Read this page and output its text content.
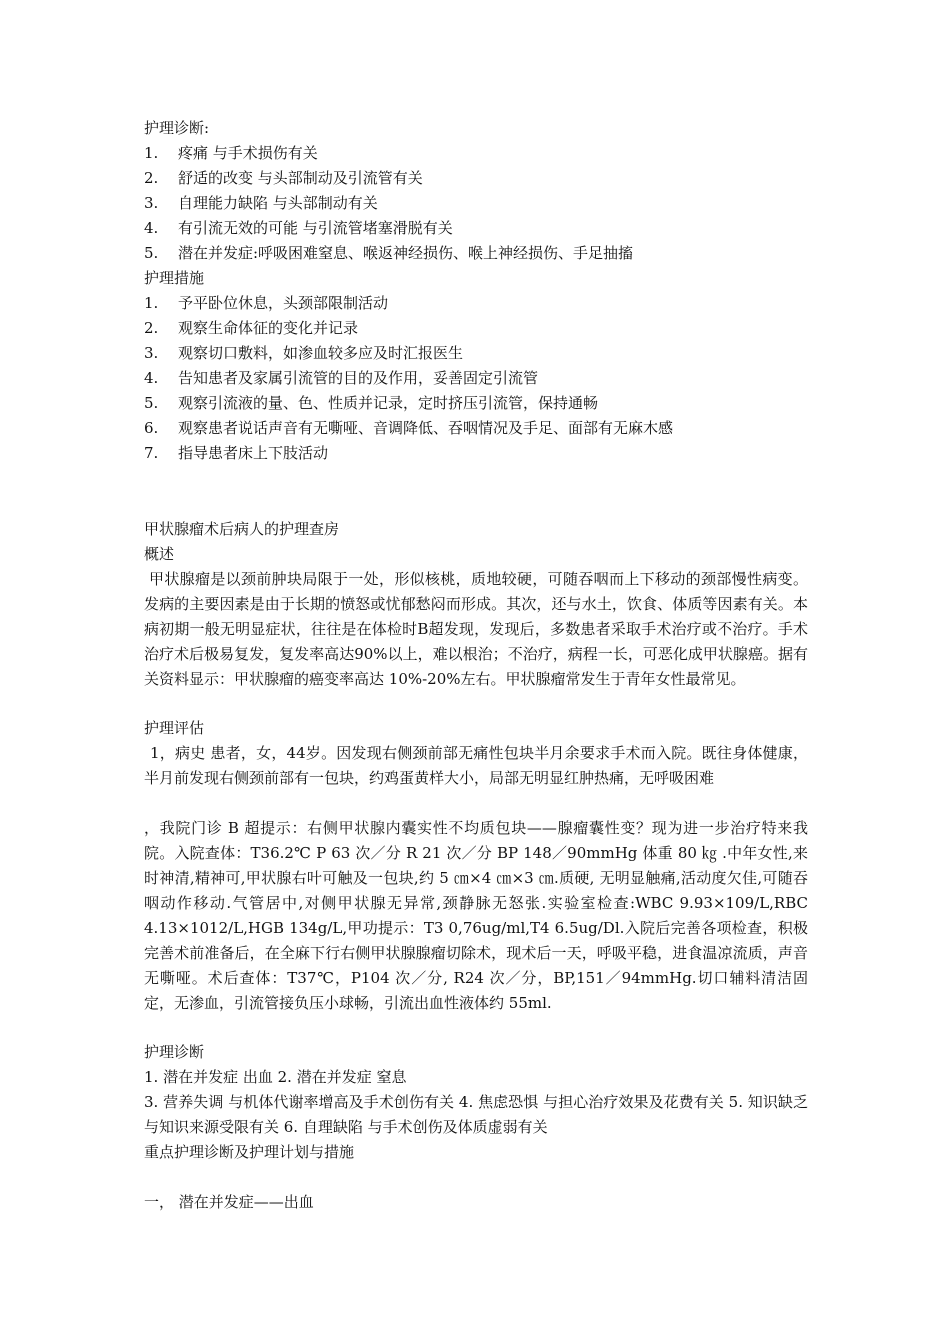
护理诊断:
1. 疼痛 与手术损伤有关
2. 舒适的改变 与头部制动及引流管有关
3. 自理能力缺陷 与头部制动有关
4. 有引流无效的可能 与引流管堵塞滑脱有关
5. 潜在并发症:呼吸困难窒息、喉返神经损伤、喉上神经损伤、手足抽搐
护理措施
1. 予平卧位休息，头颈部限制活动
2. 观察生命体征的变化并记录
3. 观察切口敷料，如渗血较多应及时汇报医生
4. 告知患者及家属引流管的目的及作用，妥善固定引流管
5. 观察引流液的量、色、性质并记录，定时挤压引流管，保持通畅
6. 观察患者说话声音有无嘶哑、音调降低、吞咽情况及手足、面部有无麻木感
7. 指导患者床上下肢活动
甲状腺瘤术后病人的护理查房
概述
甲状腺瘤是以颈前肿块局限于一处，形似核桃，质地较硬，可随吞咽而上下移动的颈部慢性病变。发病的主要因素是由于长期的愤怒或忧郁愁闷而形成。其次，还与水土，饮食、体质等因素有关。本病初期一般无明显症状，往往是在体检时B超发现，发现后，多数患者采取手术治疗或不治疗。手术治疗术后极易复发，复发率高达90%以上，难以根治；不治疗，病程一长，可恶化成甲状腺癌。据有关资料显示：甲状腺瘤的癌变率高达 10%-20%左右。甲状腺瘤常发生于青年女性最常见。
护理评估
1，病史 患者，女，44岁。因发现右侧颈前部无痛性包块半月余要求手术而入院。既往身体健康，半月前发现右侧颈前部有一包块，约鸡蛋黄样大小，局部无明显红肿热痛，无呼吸困难
，我院门诊 B 超提示：右侧甲状腺内囊实性不均质包块——腺瘤囊性变？现为进一步治疗特来我院。入院查体：T36.2℃ P 63 次／分 R 21 次／分 BP 148／90mmHg 体重 80 ㎏ .中年女性,来时神清,精神可,甲状腺右叶可触及一包块,约 5 ㎝×4 ㎝×3 ㎝.质硬, 无明显触痛,活动度欠佳,可随吞咽动作移动.气管居中,对侧甲状腺无异常,颈静脉无怒张.实验室检查:WBC 9.93×109/L,RBC 4.13×1012/L,HGB 134g/L,甲功提示：T3 0,76ug/ml,T4 6.5ug/Dl.入院后完善各项检查，积极完善术前准备后，在全麻下行右侧甲状腺腺瘤切除术，现术后一天，呼吸平稳，进食温凉流质，声音无嘶哑。术后查体：T37℃，P104 次／分, R24 次／分，BP,151／94mmHg.切口辅料清洁固定，无渗血，引流管接负压小球畅，引流出血性液体约 55ml.
护理诊断
1. 潜在并发症 出血 2. 潜在并发症 窒息
3. 营养失调 与机体代谢率增高及手术创伤有关 4. 焦虑恐惧 与担心治疗效果及花费有关 5. 知识缺乏 与知识来源受限有关 6. 自理缺陷 与手术创伤及体质虚弱有关
重点护理诊断及护理计划与措施
一， 潜在并发症——出血
